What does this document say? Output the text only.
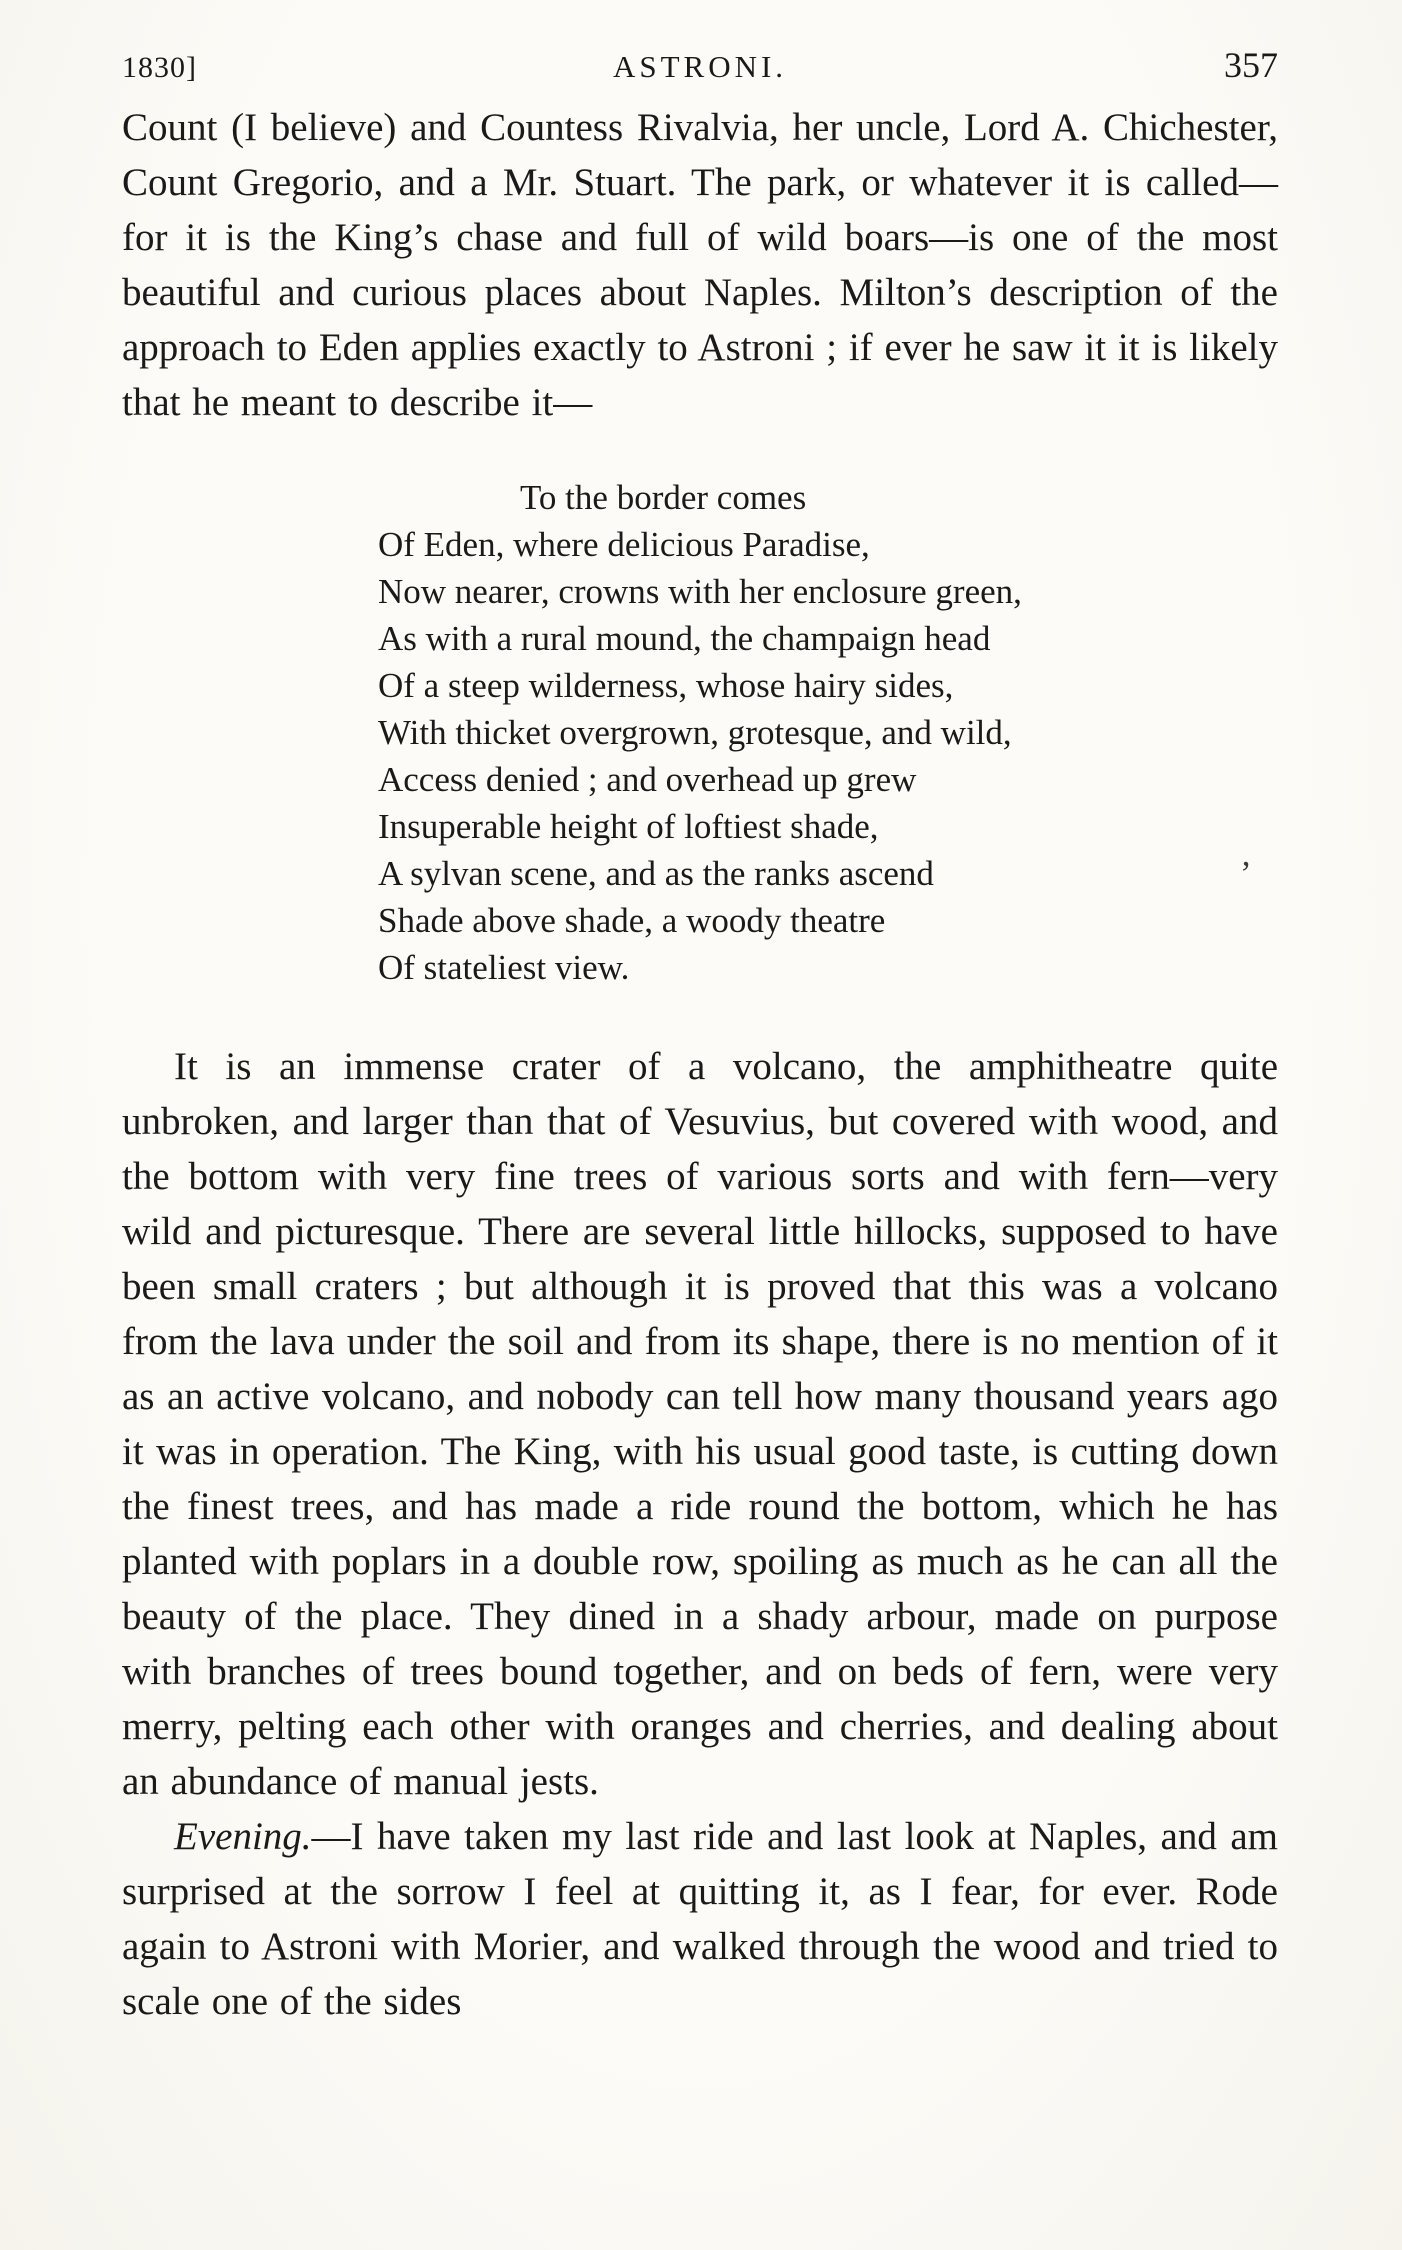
1830]	ASTRONI.	357

Count (I believe) and Countess Rivalvia, her uncle, Lord A. Chichester, Count Gregorio, and a Mr. Stuart. The park, or whatever it is called—for it is the King’s chase and full of wild boars—is one of the most beautiful and curious places about Naples. Milton’s description of the approach to Eden applies exactly to Astroni ; if ever he saw it it is likely that he meant to describe it—

To the border comes
Of Eden, where delicious Paradise,
Now nearer, crowns with her enclosure green,
As with a rural mound, the champaign head
Of a steep wilderness, whose hairy sides,
With thicket overgrown, grotesque, and wild,
Access denied ; and overhead up grew
Insuperable height of loftiest shade,
A sylvan scene, and as the ranks ascend
Shade above shade, a woody theatre
Of stateliest view.
’

It is an immense crater of a volcano, the amphitheatre quite unbroken, and larger than that of Vesuvius, but covered with wood, and the bottom with very fine trees of various sorts and with fern—very wild and picturesque. There are several little hillocks, supposed to have been small craters ; but although it is proved that this was a volcano from the lava under the soil and from its shape, there is no mention of it as an active volcano, and nobody can tell how many thousand years ago it was in operation. The King, with his usual good taste, is cutting down the finest trees, and has made a ride round the bottom, which he has planted with poplars in a double row, spoiling as much as he can all the beauty of the place. They dined in a shady arbour, made on purpose with branches of trees bound together, and on beds of fern, were very merry, pelting each other with oranges and cherries, and dealing about an abundance of manual jests.

Evening.—I have taken my last ride and last look at Naples, and am surprised at the sorrow I feel at quitting it, as I fear, for ever. Rode again to Astroni with Morier, and walked through the wood and tried to scale one of the sides
